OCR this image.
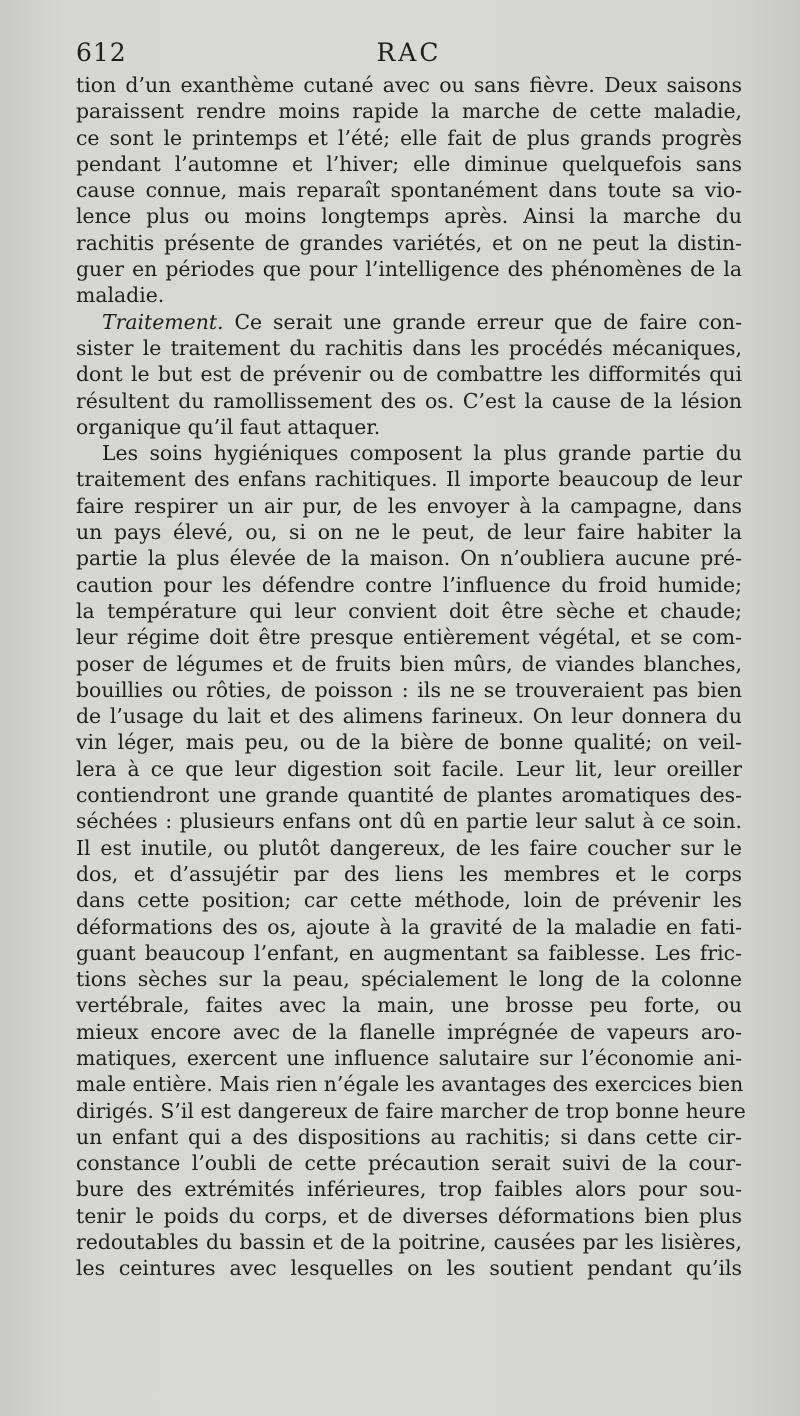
612	RAC
tion d’un exanthème cutané avec ou sans fièvre. Deux saisons
paraissent rendre moins rapide la marche de cette maladie,
ce sont le printemps et l’été; elle fait de plus grands progrès
pendant l’automne et l’hiver; elle diminue quelquefois sans
cause connue, mais reparaît spontanément dans toute sa vio-
lence plus ou moins longtemps après. Ainsi la marche du
rachitis présente de grandes variétés, et on ne peut la distin-
guer en périodes que pour l’intelligence des phénomènes de la
maladie.
Traitement. Ce serait une grande erreur que de faire con-
sister le traitement du rachitis dans les procédés mécaniques,
dont le but est de prévenir ou de combattre les difformités qui
résultent du ramollissement des os. C’est la cause de la lésion
organique qu’il faut attaquer.
Les soins hygiéniques composent la plus grande partie du
traitement des enfans rachitiques. Il importe beaucoup de leur
faire respirer un air pur, de les envoyer à la campagne, dans
un pays élevé, ou, si on ne le peut, de leur faire habiter la
partie la plus élevée de la maison. On n’oubliera aucune pré-
caution pour les défendre contre l’influence du froid humide;
la température qui leur convient doit être sèche et chaude;
leur régime doit être presque entièrement végétal, et se com-
poser de légumes et de fruits bien mûrs, de viandes blanches,
bouillies ou rôties, de poisson : ils ne se trouveraient pas bien
de l’usage du lait et des alimens farineux. On leur donnera du
vin léger, mais peu, ou de la bière de bonne qualité; on veil-
lera à ce que leur digestion soit facile. Leur lit, leur oreiller
contiendront une grande quantité de plantes aromatiques des-
séchées : plusieurs enfans ont dû en partie leur salut à ce soin.
Il est inutile, ou plutôt dangereux, de les faire coucher sur le
dos, et d’assujétir par des liens les membres et le corps
dans cette position; car cette méthode, loin de prévenir les
déformations des os, ajoute à la gravité de la maladie en fati-
guant beaucoup l’enfant, en augmentant sa faiblesse. Les fric-
tions sèches sur la peau, spécialement le long de la colonne
vertébrale, faites avec la main, une brosse peu forte, ou
mieux encore avec de la flanelle imprégnée de vapeurs aro-
matiques, exercent une influence salutaire sur l’économie ani-
male entière. Mais rien n’égale les avantages des exercices bien
dirigés. S’il est dangereux de faire marcher de trop bonne heure
un enfant qui a des dispositions au rachitis; si dans cette cir-
constance l’oubli de cette précaution serait suivi de la cour-
bure des extrémités inférieures, trop faibles alors pour sou-
tenir le poids du corps, et de diverses déformations bien plus
redoutables du bassin et de la poitrine, causées par les lisières,
les ceintures avec lesquelles on les soutient pendant qu’ils
